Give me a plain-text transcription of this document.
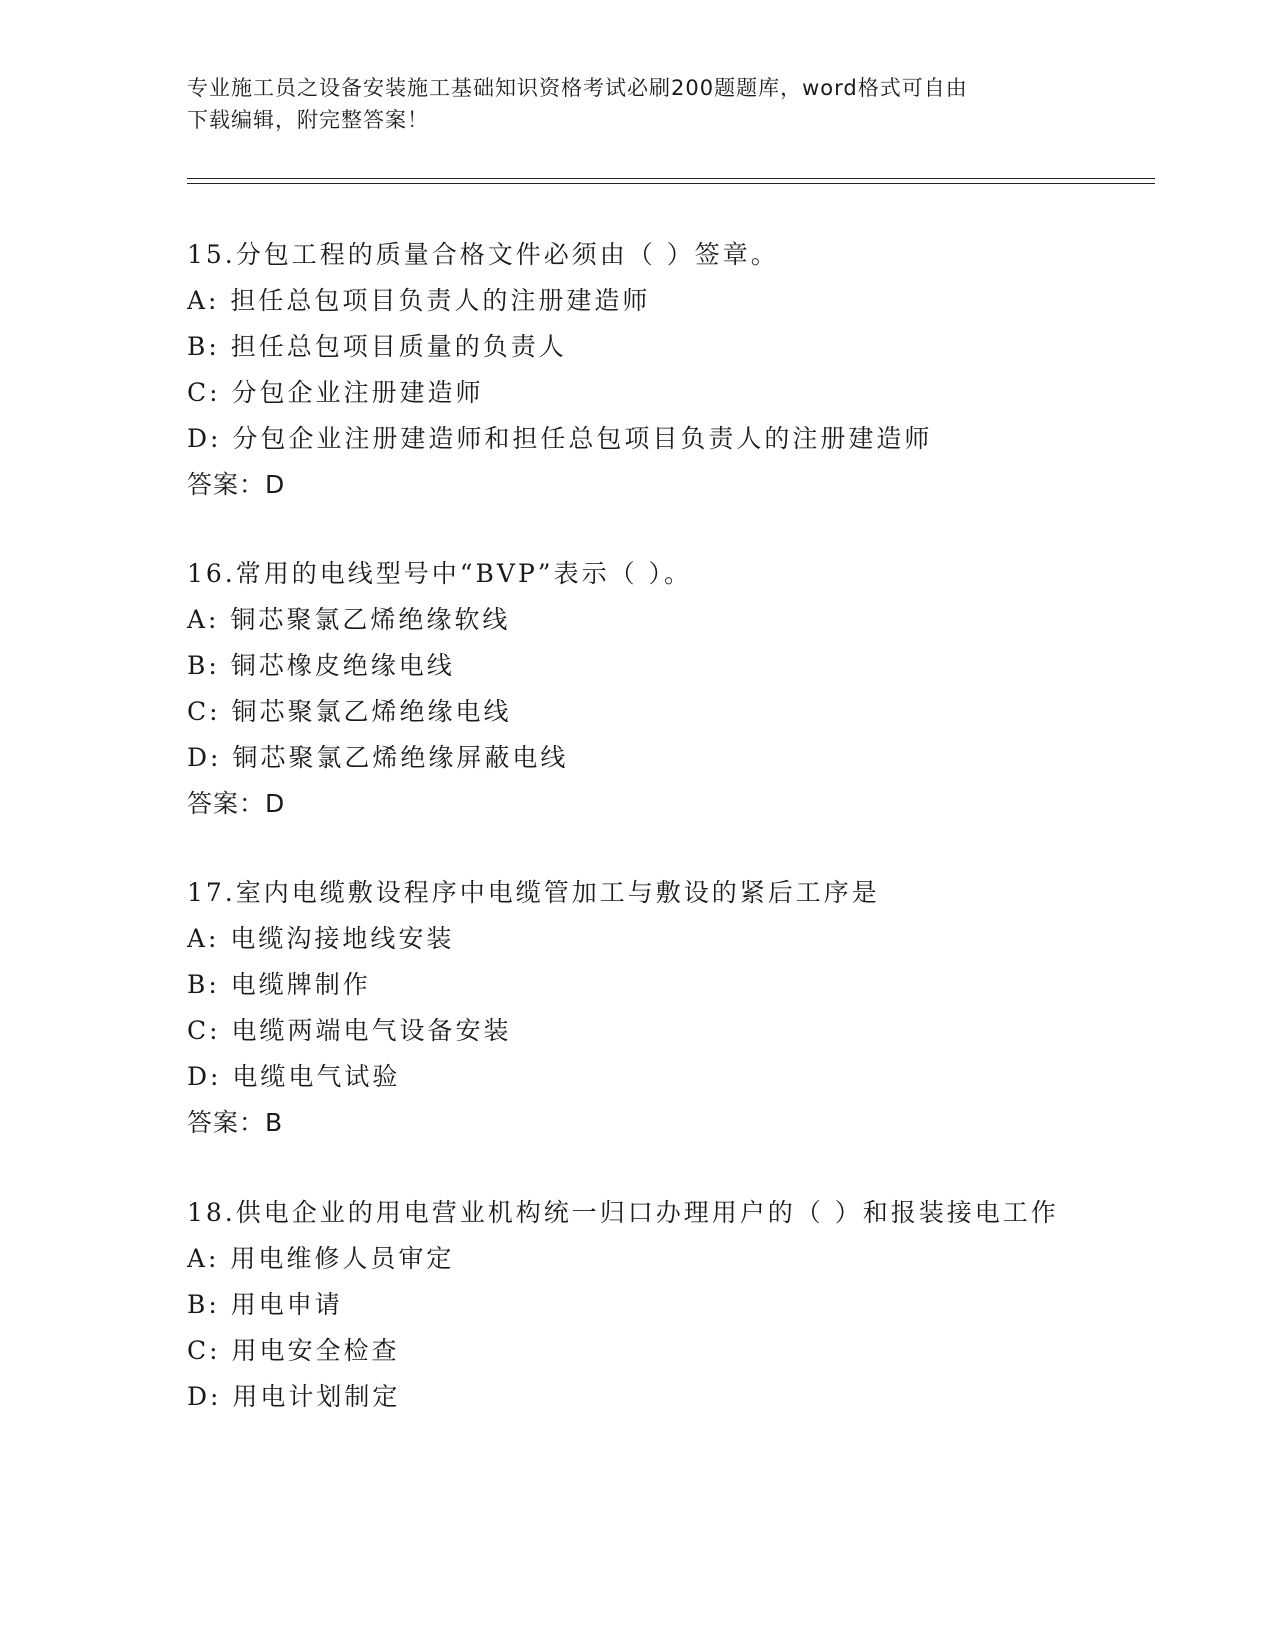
专业施工员之设备安装施工基础知识资格考试必刷200题题库，word格式可自由
下载编辑，附完整答案！
15.分包工程的质量合格文件必须由（ ）签章。
A: 担任总包项目负责人的注册建造师
B: 担任总包项目质量的负责人
C: 分包企业注册建造师
D: 分包企业注册建造师和担任总包项目负责人的注册建造师
答案：D
16.常用的电线型号中“BVP”表示（ ）。
A: 铜芯聚氯乙烯绝缘软线
B: 铜芯橡皮绝缘电线
C: 铜芯聚氯乙烯绝缘电线
D: 铜芯聚氯乙烯绝缘屏蔽电线
答案：D
17.室内电缆敷设程序中电缆管加工与敷设的紧后工序是
A: 电缆沟接地线安装
B: 电缆牌制作
C: 电缆两端电气设备安装
D: 电缆电气试验
答案：B
18.供电企业的用电营业机构统一归口办理用户的（ ）和报装接电工作
A: 用电维修人员审定
B: 用电申请
C: 用电安全检查
D: 用电计划制定
